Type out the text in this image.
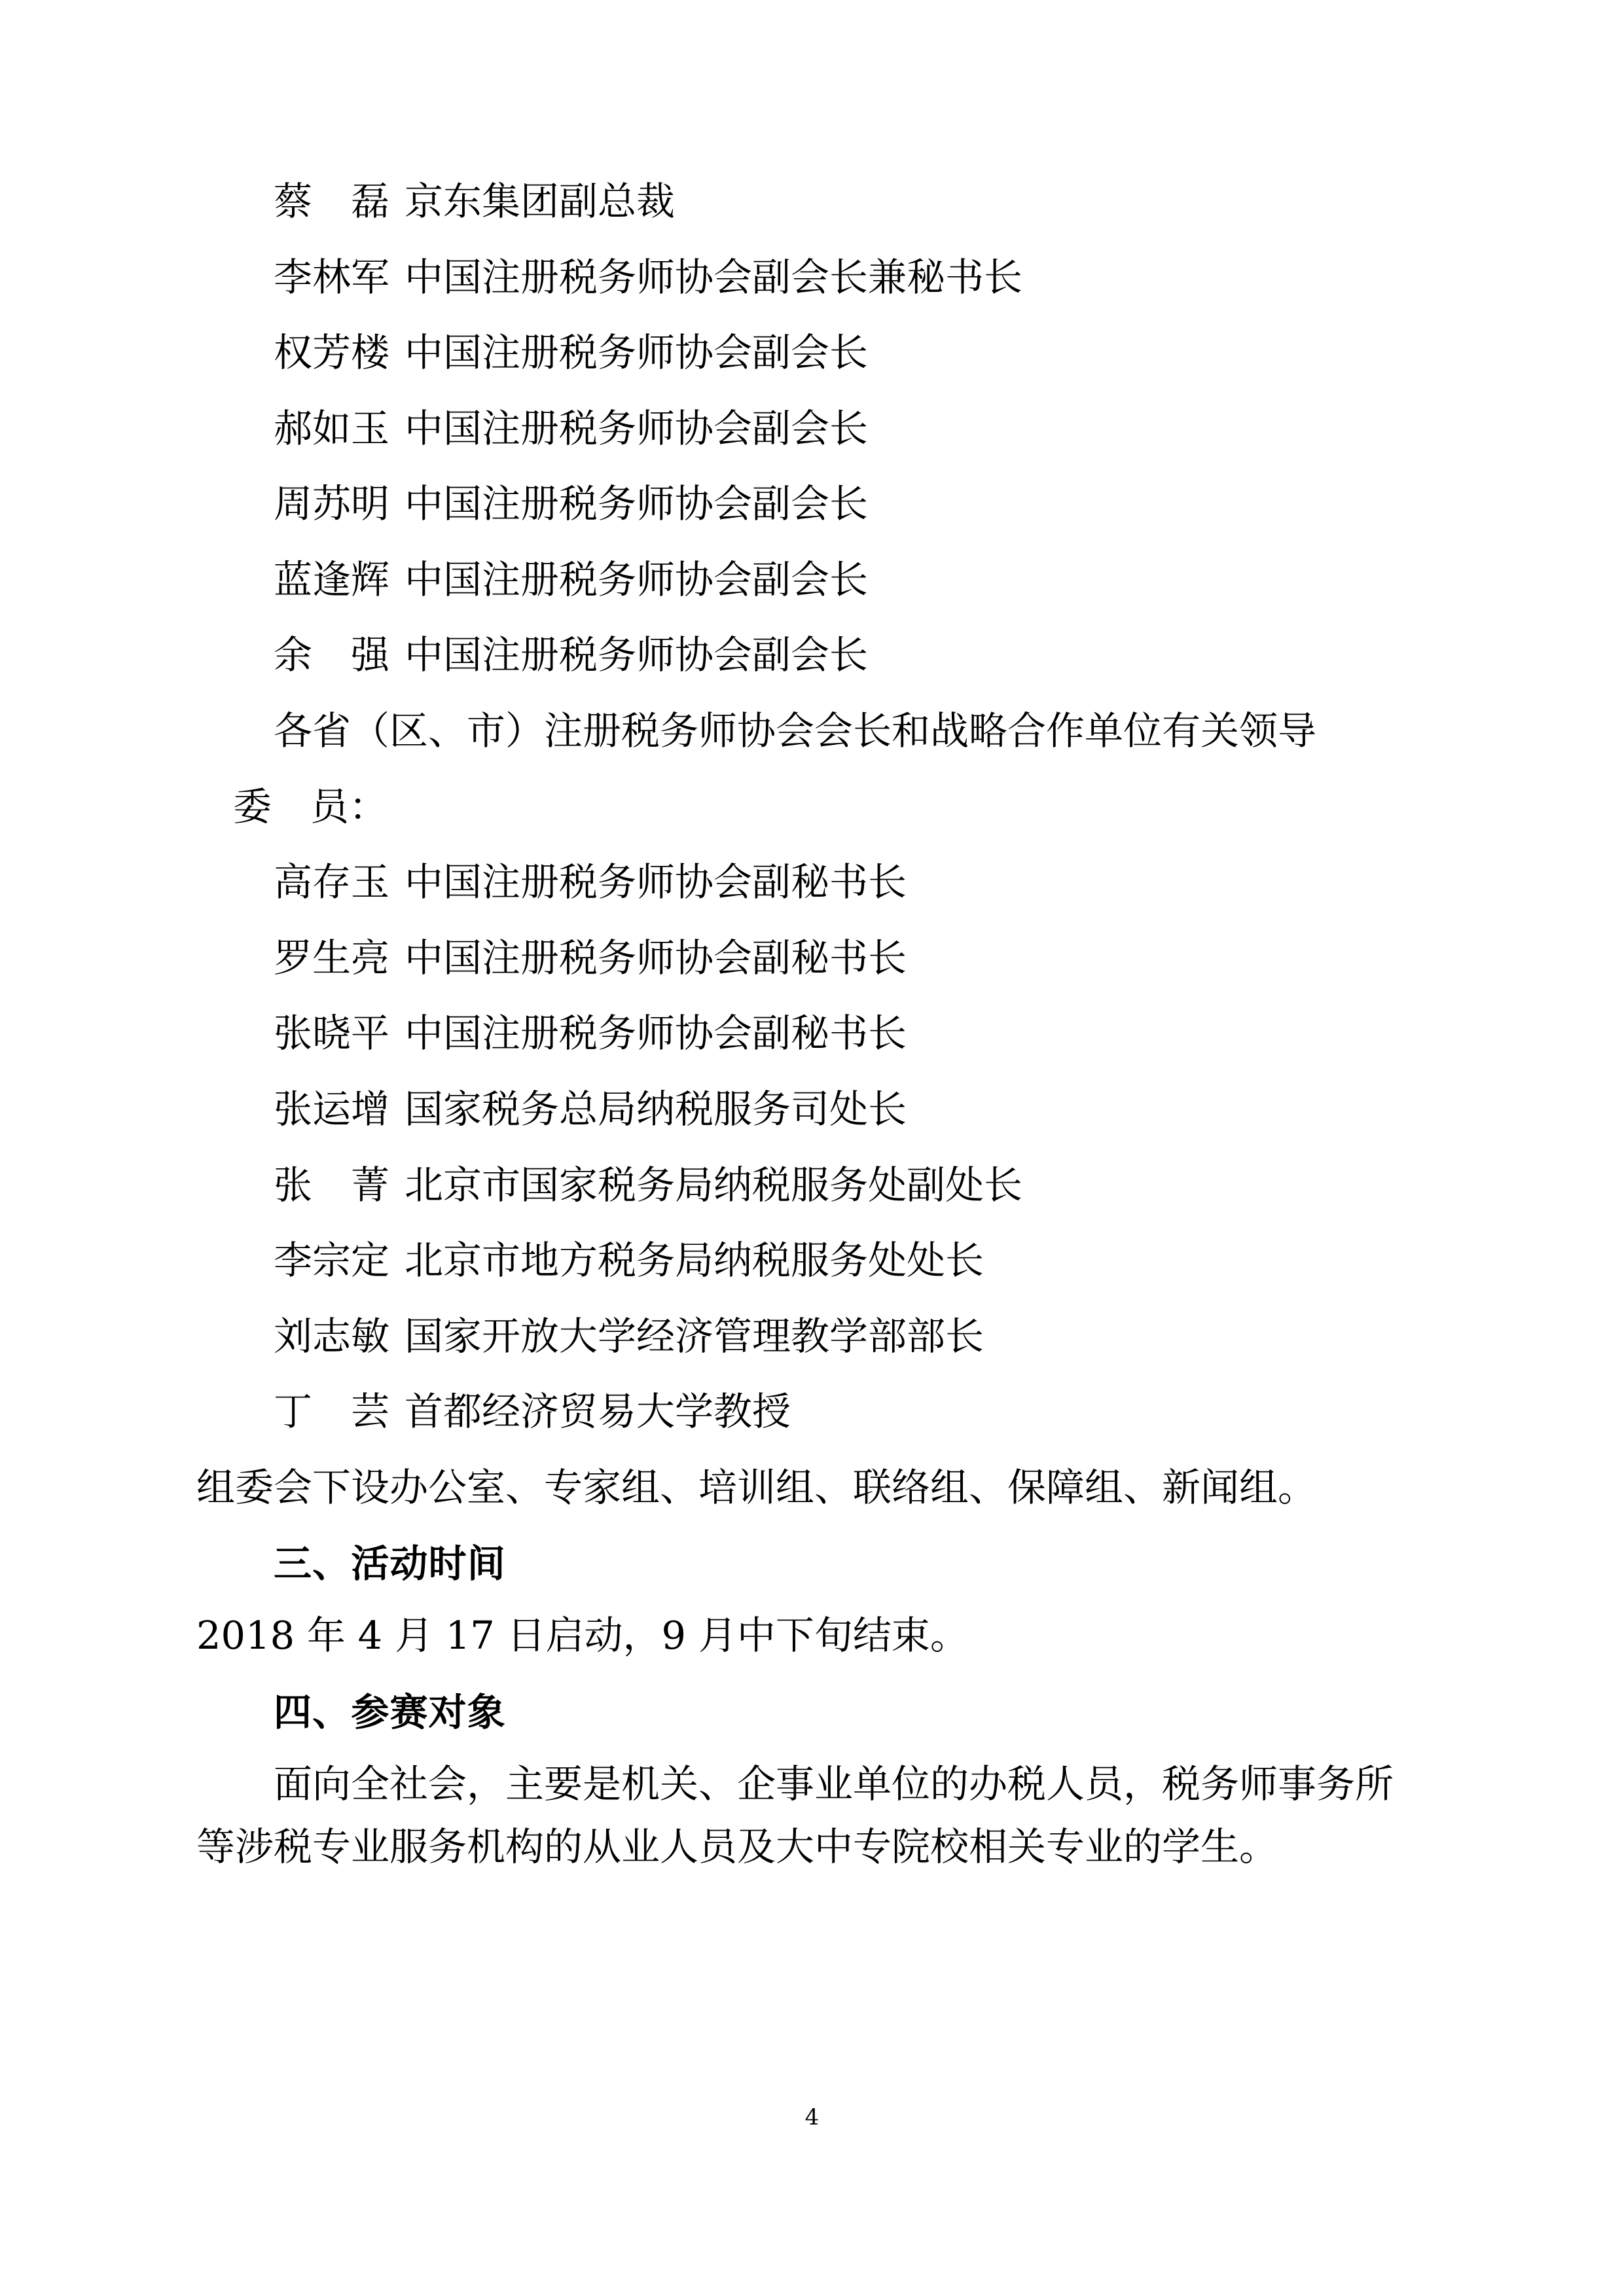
蔡　磊 京东集团副总裁
李林军 中国注册税务师协会副会长兼秘书长
权芳楼 中国注册税务师协会副会长
郝如玉 中国注册税务师协会副会长
周苏明 中国注册税务师协会副会长
蓝逢辉 中国注册税务师协会副会长
余　强 中国注册税务师协会副会长
各省（区、市）注册税务师协会会长和战略合作单位有关领导
委　员：
高存玉 中国注册税务师协会副秘书长
罗生亮 中国注册税务师协会副秘书长
张晓平 中国注册税务师协会副秘书长
张运增 国家税务总局纳税服务司处长
张　菁 北京市国家税务局纳税服务处副处长
李宗定 北京市地方税务局纳税服务处处长
刘志敏 国家开放大学经济管理教学部部长
丁　芸 首都经济贸易大学教授
组委会下设办公室、专家组、培训组、联络组、保障组、新闻组。
三、活动时间
2018 年 4 月 17 日启动，9 月中下旬结束。
四、参赛对象
面向全社会，主要是机关、企事业单位的办税人员，税务师事务所等涉税专业服务机构的从业人员及大中专院校相关专业的学生。
4
